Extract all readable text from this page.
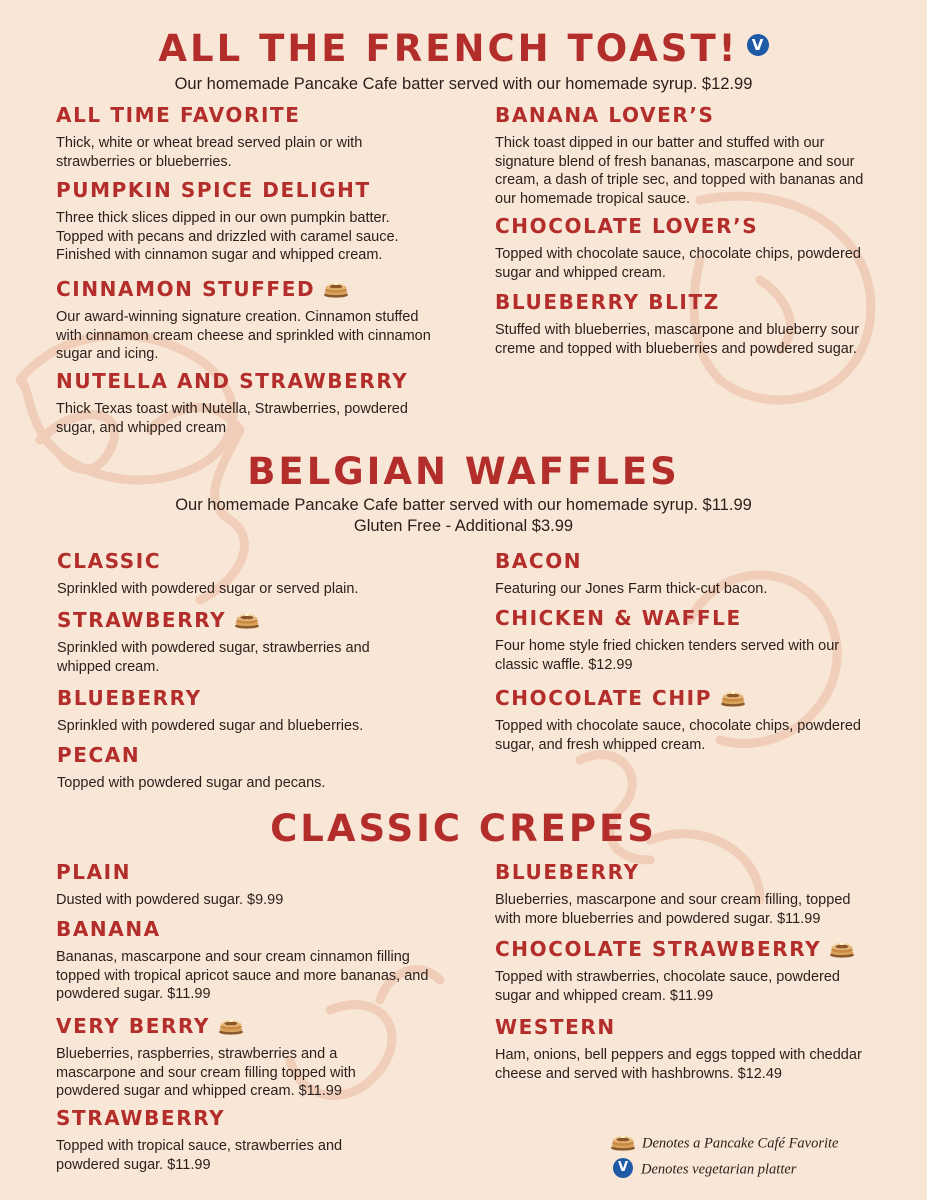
ALL THE FRENCH TOAST! V
Our homemade Pancake Cafe batter served with our homemade syrup. $12.99
ALL TIME FAVORITE

Thick, white or wheat bread served plain or with strawberries or blueberries.

PUMPKIN SPICE DELIGHT

Three thick slices dipped in our own pumpkin batter. Topped with pecans and drizzled with caramel sauce. Finished with cinnamon sugar and whipped cream.

CINNAMON STUFFED

Our award-winning signature creation. Cinnamon stuffed with cinnamon cream cheese and sprinkled with cinnamon sugar and icing.

NUTELLA AND STRAWBERRY

Thick Texas toast with Nutella, Strawberries, powdered sugar, and whipped cream

BANANA LOVER’S

Thick toast dipped in our batter and stuffed with our signature blend of fresh bananas, mascarpone and sour cream, a dash of triple sec, and topped with bananas and our homemade tropical sauce.

CHOCOLATE LOVER’S

Topped with chocolate sauce, chocolate chips, powdered sugar and whipped cream.

BLUEBERRY BLITZ

Stuffed with blueberries, mascarpone and blueberry sour creme and topped with blueberries and powdered sugar.

BELGIAN WAFFLES
Our homemade Pancake Cafe batter served with our homemade syrup. $11.99
Gluten Free - Additional $3.99
CLASSIC

Sprinkled with powdered sugar or served plain.

STRAWBERRY

Sprinkled with powdered sugar, strawberries and whipped cream.

BLUEBERRY

Sprinkled with powdered sugar and blueberries.

PECAN

Topped with powdered sugar and pecans.

BACON

Featuring our Jones Farm thick-cut bacon.

CHICKEN & WAFFLE

Four home style fried chicken tenders served with our classic waffle. $12.99

CHOCOLATE CHIP

Topped with chocolate sauce, chocolate chips, powdered sugar, and fresh whipped cream.

CLASSIC CREPES
PLAIN

Dusted with powdered sugar. $9.99

BANANA

Bananas, mascarpone and sour cream cinnamon filling topped with tropical apricot sauce and more bananas, and powdered sugar. $11.99

VERY BERRY

Blueberries, raspberries, strawberries and a mascarpone and sour cream filling topped with powdered sugar and whipped cream. $11.99

STRAWBERRY

Topped with tropical sauce, strawberries and powdered sugar. $11.99

BLUEBERRY

Blueberries, mascarpone and sour cream filling, topped with more blueberries and powdered sugar. $11.99

CHOCOLATE STRAWBERRY

Topped with strawberries, chocolate sauce, powdered sugar and whipped cream. $11.99

WESTERN

Ham, onions, bell peppers and eggs topped with cheddar cheese and served with hashbrowns. $12.49

Denotes a Pancake Café Favorite
V Denotes vegetarian platter
